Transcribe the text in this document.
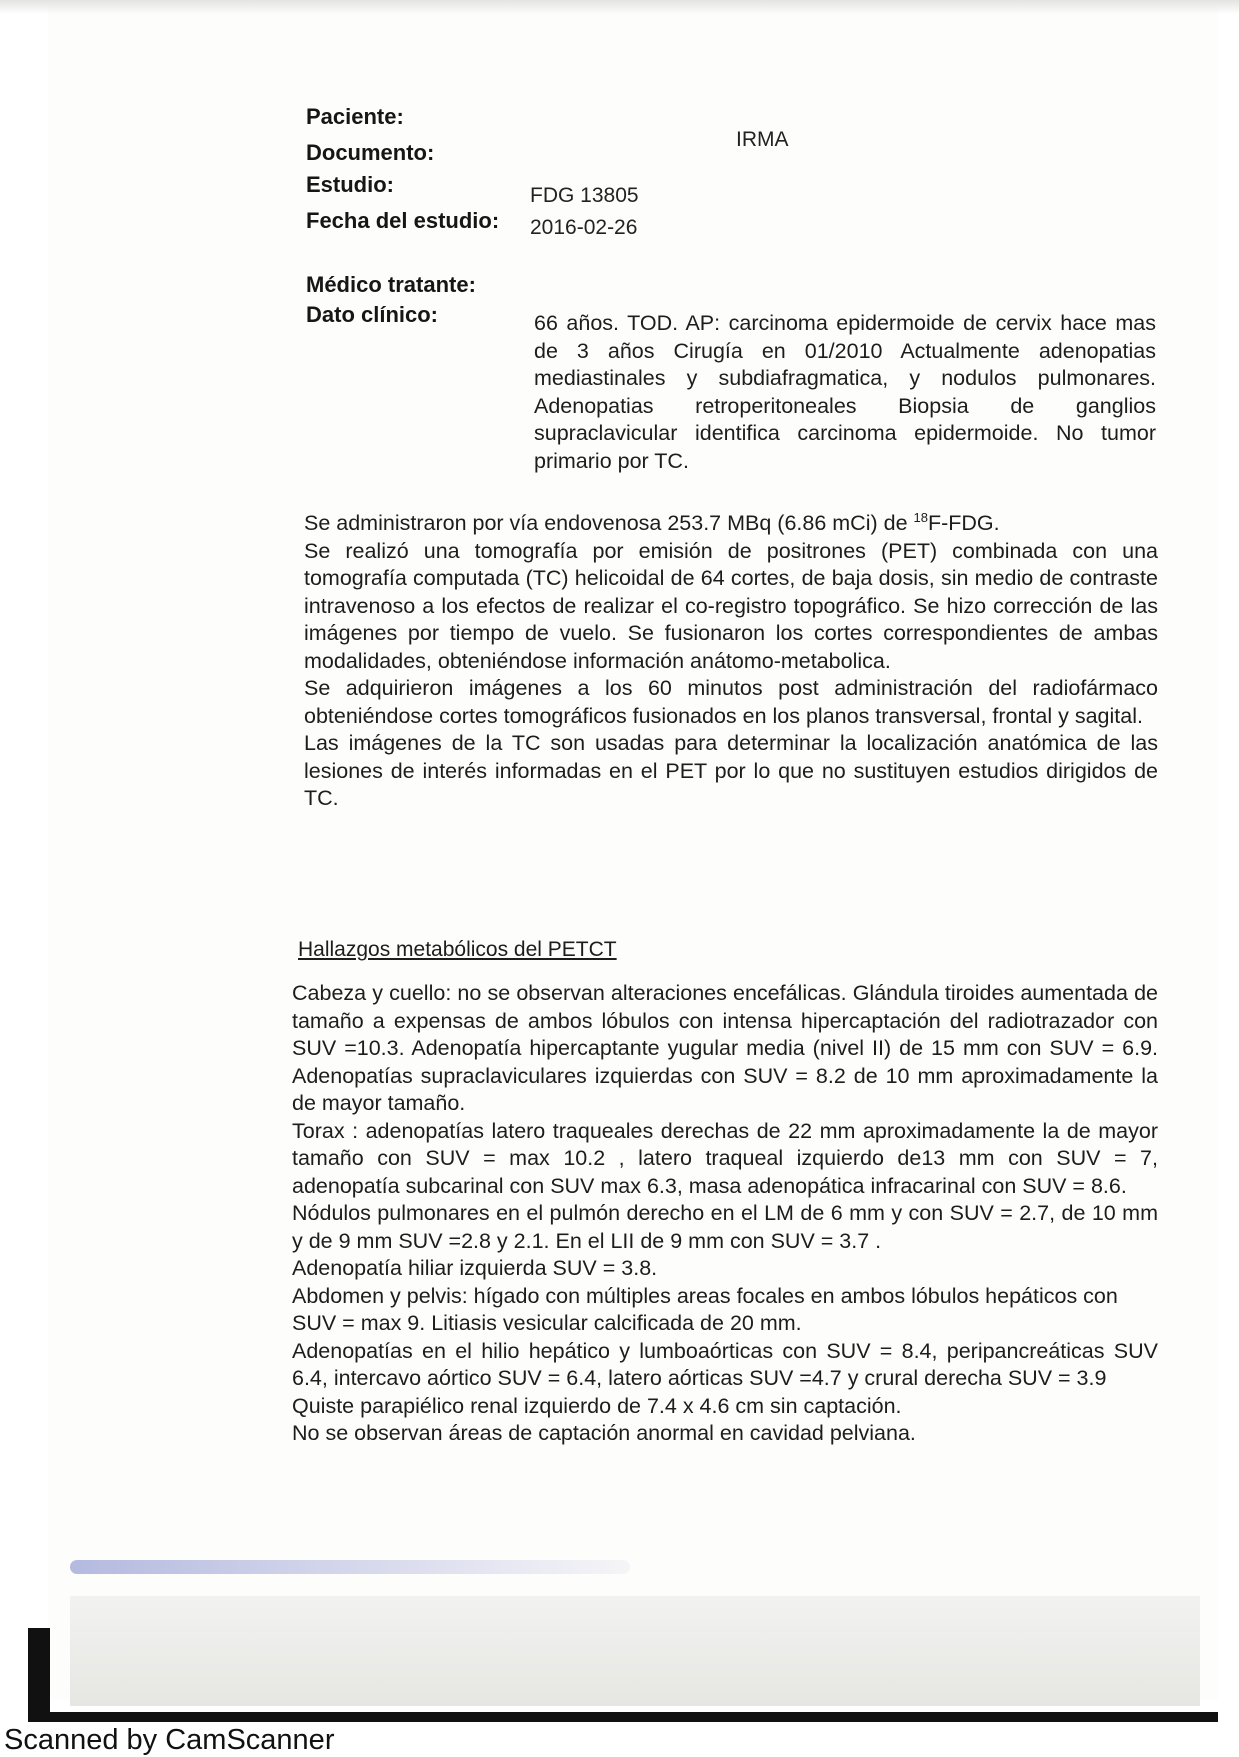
Paciente:
Documento:
Estudio:
Fecha del estudio:
Médico tratante:
Dato clínico:
IRMA
FDG 13805
2016-02-26

66 años. TOD. AP: carcinoma epidermoide de cervix hace mas de 3 años Cirugía en 01/2010 Actualmente adenopatias mediastinales y subdiafragmatica, y nodulos pulmonares. Adenopatias retroperitoneales Biopsia de ganglios supraclavicular identifica carcinoma epidermoide. No tumor primario por TC.

Se administraron por vía endovenosa 253.7 MBq (6.86 mCi) de $^{18}$F-FDG.

Se realizó una tomografía por emisión de positrones (PET) combinada con una tomografía computada (TC) helicoidal de 64 cortes, de baja dosis, sin medio de contraste intravenoso a los efectos de realizar el co-registro topográfico. Se hizo corrección de las imágenes por tiempo de vuelo. Se fusionaron los cortes correspondientes de ambas modalidades, obteniéndose información anátomo-metabolica.

Se adquirieron imágenes a los 60 minutos post administración del radiofármaco obteniéndose cortes tomográficos fusionados en los planos transversal, frontal y sagital.

Las imágenes de la TC son usadas para determinar la localización anatómica de las lesiones de interés informadas en el PET por lo que no sustituyen estudios dirigidos de TC.

Hallazgos metabólicos del PETCT

Cabeza y cuello: no se observan alteraciones encefálicas. Glándula tiroides aumentada de tamaño a expensas de ambos lóbulos con intensa hipercaptación del radiotrazador con SUV =10.3. Adenopatía hipercaptante yugular media (nivel II) de 15 mm con SUV = 6.9. Adenopatías supraclaviculares izquierdas con SUV = 8.2 de 10 mm aproximadamente la de mayor tamaño.

Torax : adenopatías latero traqueales derechas de 22 mm aproximadamente la de mayor tamaño con SUV = max 10.2 , latero traqueal izquierdo de13 mm con SUV = 7, adenopatía subcarinal con SUV max 6.3, masa adenopática infracarinal con SUV = 8.6.

Nódulos pulmonares en el pulmón derecho en el LM de 6 mm y con SUV = 2.7, de 10 mm y de 9 mm SUV =2.8 y 2.1. En el LII de 9 mm con SUV = 3.7 .

Adenopatía hiliar izquierda SUV = 3.8.

Abdomen y pelvis: hígado con múltiples areas focales en ambos lóbulos hepáticos con

SUV = max 9. Litiasis vesicular calcificada de 20 mm.

Adenopatías en el hilio hepático y lumboaórticas con SUV = 8.4, peripancreáticas SUV 6.4, intercavo aórtico SUV = 6.4, latero aórticas SUV =4.7 y crural derecha SUV = 3.9

Quiste parapiélico renal izquierdo de 7.4 x 4.6 cm sin captación.

No se observan áreas de captación anormal en cavidad pelviana.

Scanned by CamScanner
